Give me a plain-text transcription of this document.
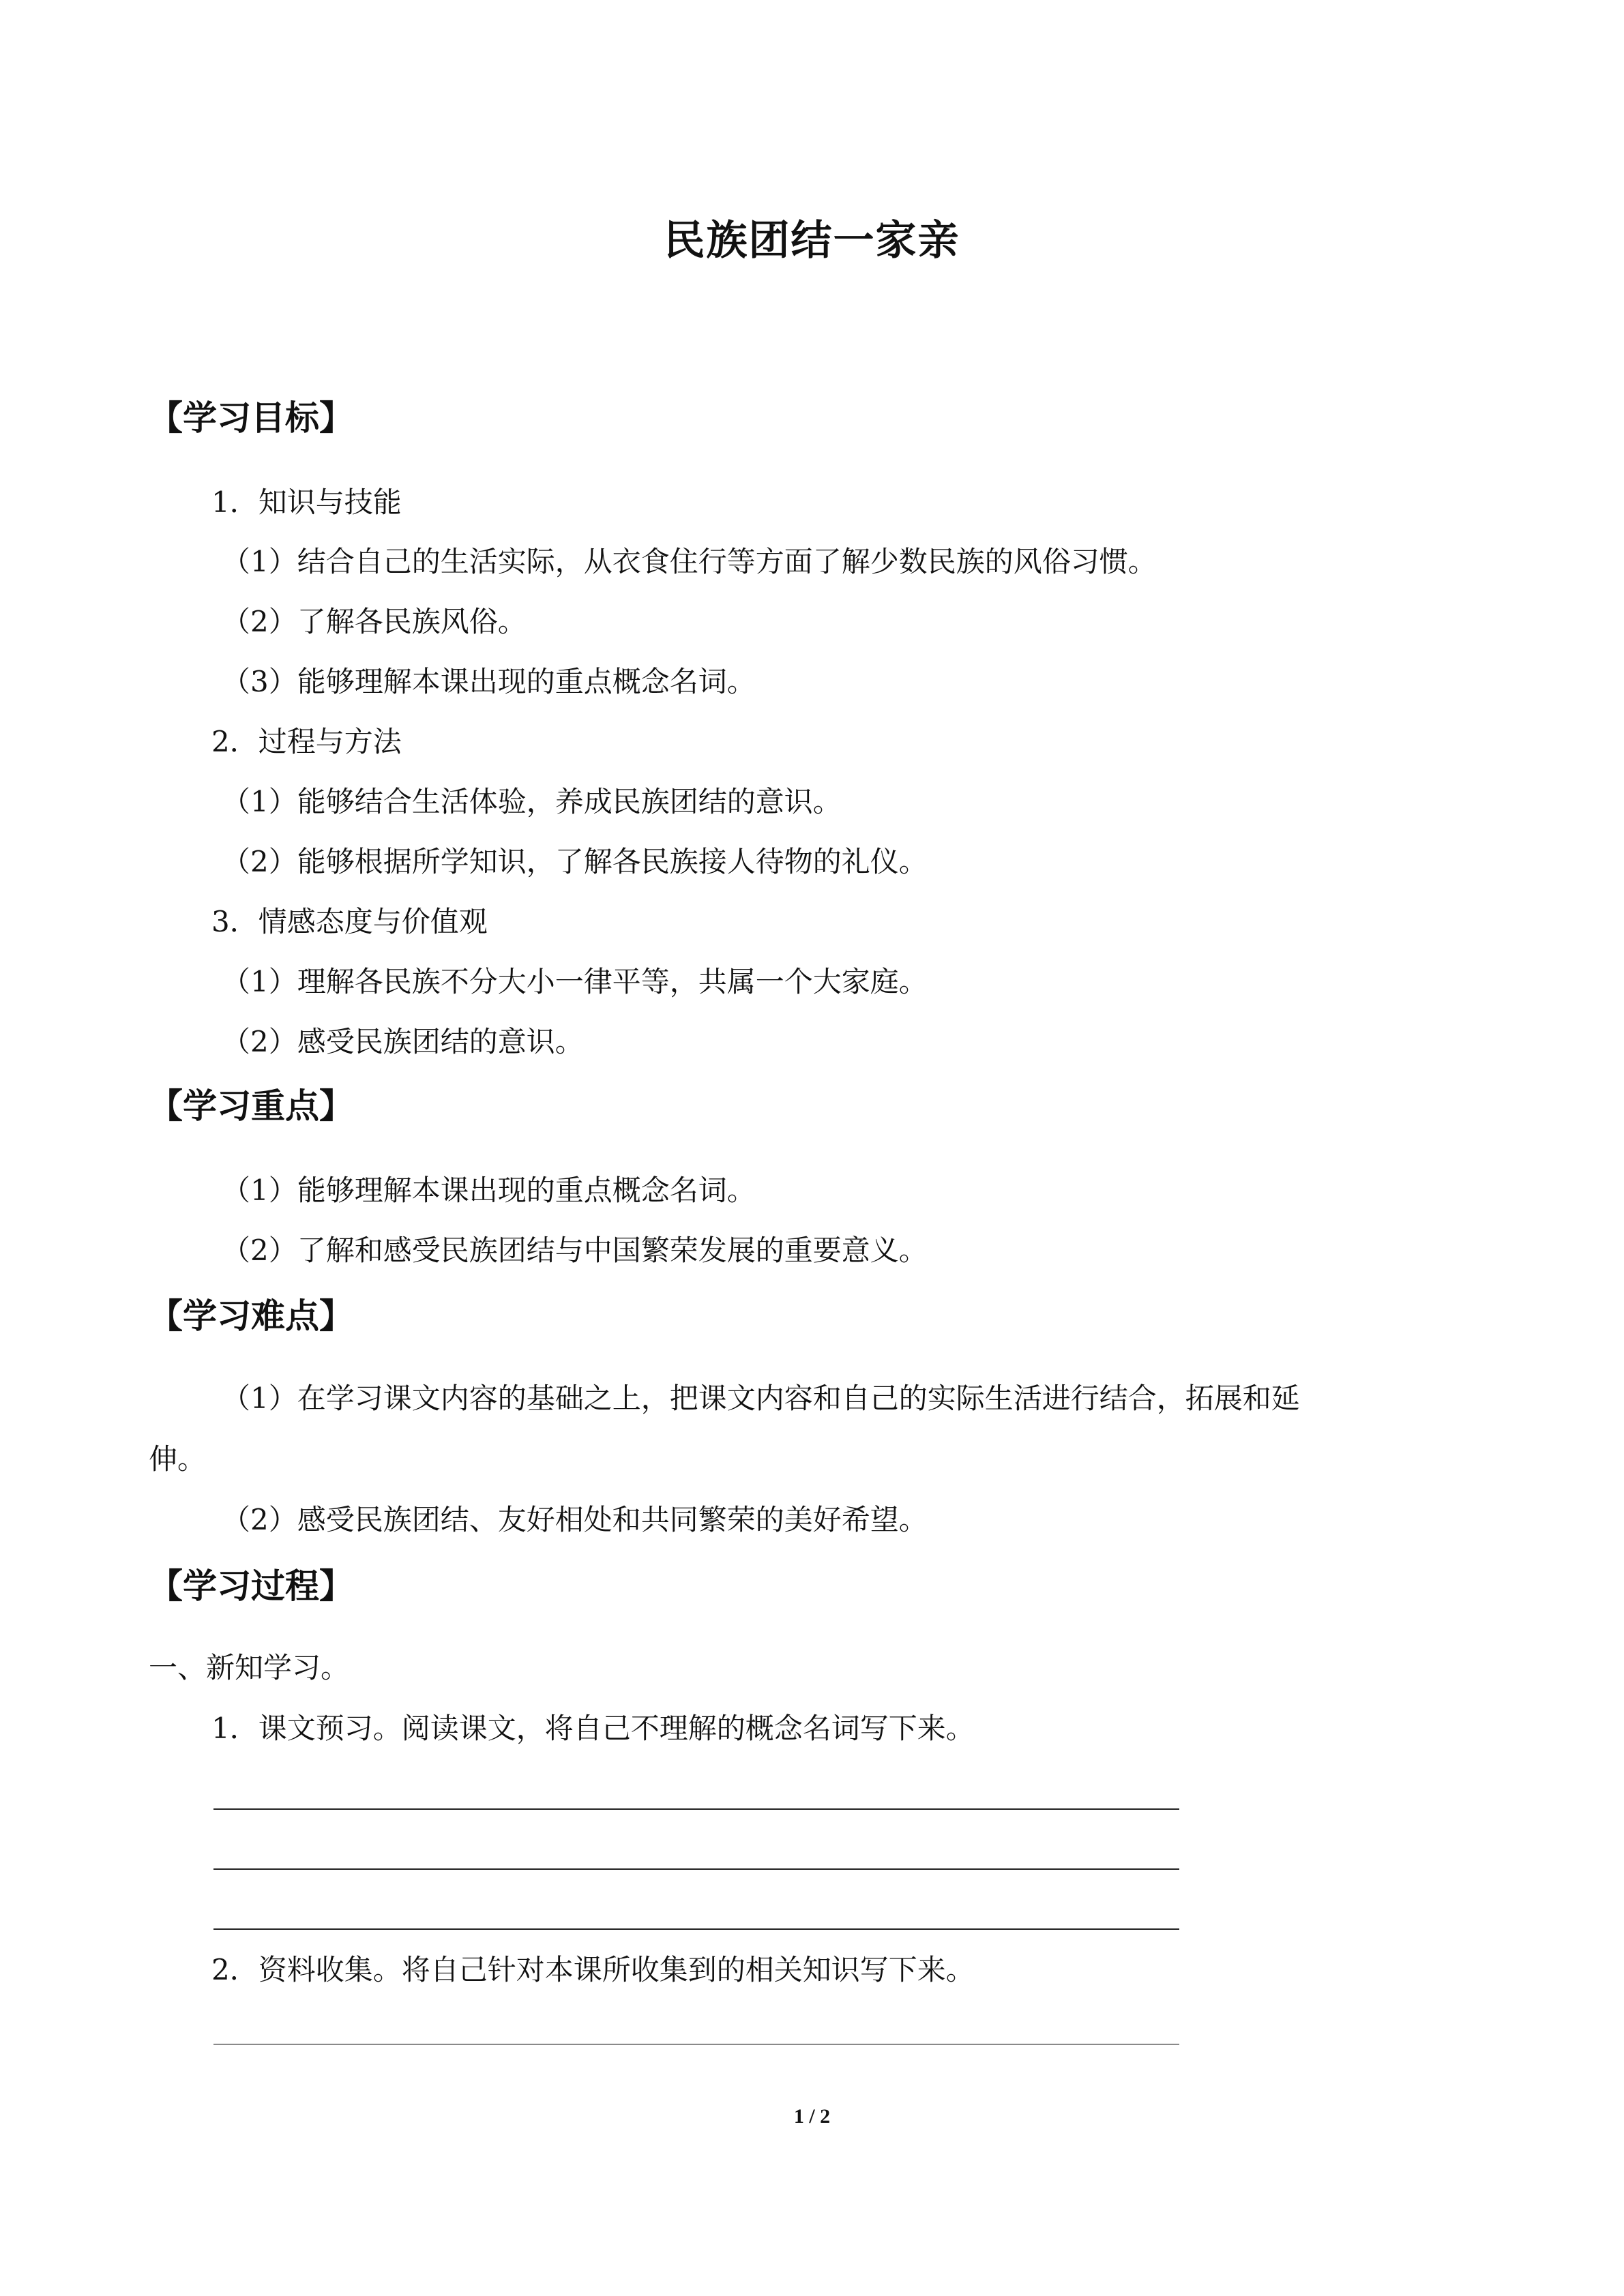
民族团结一家亲
【学习目标】
1．知识与技能
（1）结合自己的生活实际，从衣食住行等方面了解少数民族的风俗习惯。
（2）了解各民族风俗。
（3）能够理解本课出现的重点概念名词。
2．过程与方法
（1）能够结合生活体验，养成民族团结的意识。
（2）能够根据所学知识，了解各民族接人待物的礼仪。
3．情感态度与价值观
（1）理解各民族不分大小一律平等，共属一个大家庭。
（2）感受民族团结的意识。
【学习重点】
（1）能够理解本课出现的重点概念名词。
（2）了解和感受民族团结与中国繁荣发展的重要意义。
【学习难点】
（1）在学习课文内容的基础之上，把课文内容和自己的实际生活进行结合，拓展和延
伸。
（2）感受民族团结、友好相处和共同繁荣的美好希望。
【学习过程】
一、新知学习。
1．课文预习。阅读课文，将自己不理解的概念名词写下来。
2．资料收集。将自己针对本课所收集到的相关知识写下来。
1 / 2
